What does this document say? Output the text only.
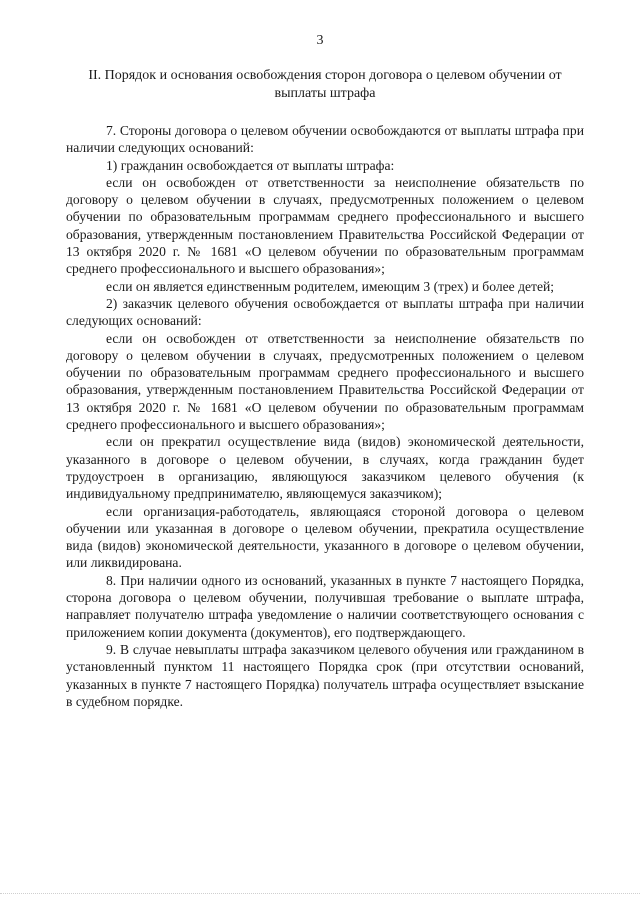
3
II. Порядок и основания освобождения сторон договора о целевом обучении от выплаты штрафа

7. Стороны договора о целевом обучении освобождаются от выплаты штрафа при наличии следующих оснований:

1) гражданин освобождается от выплаты штрафа:

если он освобожден от ответственности за неисполнение обязательств по договору о целевом обучении в случаях, предусмотренных положением о целевом обучении по образовательным программам среднего профессионального и высшего образования, утвержденным постановлением Правительства Российской Федерации от 13 октября 2020 г. № 1681 «О целевом обучении по образовательным программам среднего профессионального и высшего образования»;

если он является единственным родителем, имеющим 3 (трех) и более детей;

2) заказчик целевого обучения освобождается от выплаты штрафа при наличии следующих оснований:

если он освобожден от ответственности за неисполнение обязательств по договору о целевом обучении в случаях, предусмотренных положением о целевом обучении по образовательным программам среднего профессионального и высшего образования, утвержденным постановлением Правительства Российской Федерации от 13 октября 2020 г. № 1681 «О целевом обучении по образовательным программам среднего профессионального и высшего образования»;

если он прекратил осуществление вида (видов) экономической деятельности, указанного в договоре о целевом обучении, в случаях, когда гражданин будет трудоустроен в организацию, являющуюся заказчиком целевого обучения (к индивидуальному предпринимателю, являющемуся заказчиком);

если организация-работодатель, являющаяся стороной договора о целевом обучении или указанная в договоре о целевом обучении, прекратила осуществление вида (видов) экономической деятельности, указанного в договоре о целевом обучении, или ликвидирована.

8. При наличии одного из оснований, указанных в пункте 7 настоящего Порядка, сторона договора о целевом обучении, получившая требование о выплате штрафа, направляет получателю штрафа уведомление о наличии соответствующего основания с приложением копии документа (документов), его подтверждающего.

9. В случае невыплаты штрафа заказчиком целевого обучения или гражданином в установленный пунктом 11 настоящего Порядка срок (при отсутствии оснований, указанных в пункте 7 настоящего Порядка) получатель штрафа осуществляет взыскание в судебном порядке.
